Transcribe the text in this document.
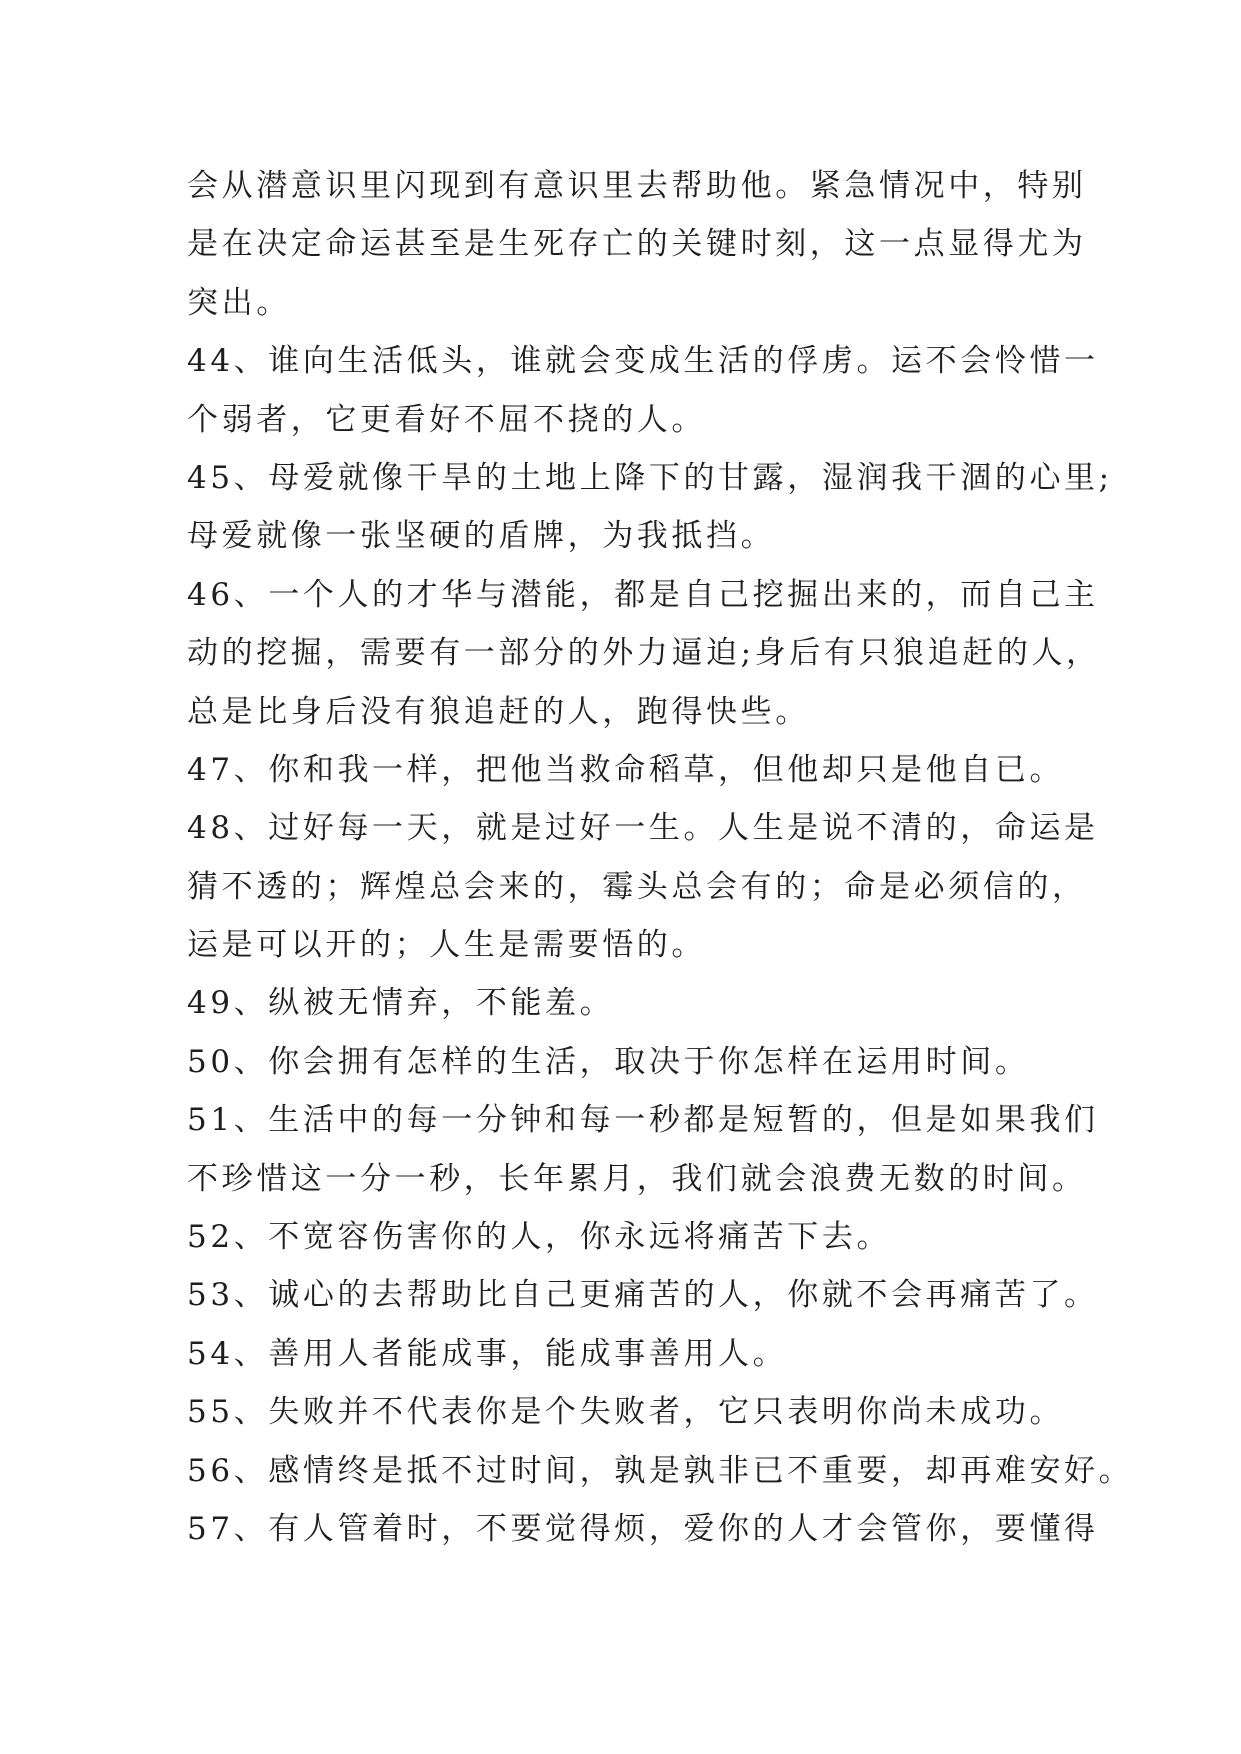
会从潜意识里闪现到有意识里去帮助他。紧急情况中，特别
是在决定命运甚至是生死存亡的关键时刻，这一点显得尤为
突出。

44、谁向生活低头，谁就会变成生活的俘虏。运不会怜惜一
个弱者，它更看好不屈不挠的人。

45、母爱就像干旱的土地上降下的甘露，湿润我干涸的心里;
母爱就像一张坚硬的盾牌，为我抵挡。

46、一个人的才华与潜能，都是自己挖掘出来的，而自己主
动的挖掘，需要有一部分的外力逼迫;身后有只狼追赶的人，
总是比身后没有狼追赶的人，跑得快些。

47、你和我一样，把他当救命稻草，但他却只是他自已。

48、过好每一天，就是过好一生。人生是说不清的，命运是
猜不透的；辉煌总会来的，霉头总会有的；命是必须信的，
运是可以开的；人生是需要悟的。

49、纵被无情弃，不能羞。

50、你会拥有怎样的生活，取决于你怎样在运用时间。

51、生活中的每一分钟和每一秒都是短暂的，但是如果我们
不珍惜这一分一秒，长年累月，我们就会浪费无数的时间。

52、不宽容伤害你的人，你永远将痛苦下去。

53、诚心的去帮助比自己更痛苦的人，你就不会再痛苦了。

54、善用人者能成事，能成事善用人。

55、失败并不代表你是个失败者，它只表明你尚未成功。

56、感情终是抵不过时间，孰是孰非已不重要，却再难安好。

57、有人管着时，不要觉得烦，爱你的人才会管你，要懂得
